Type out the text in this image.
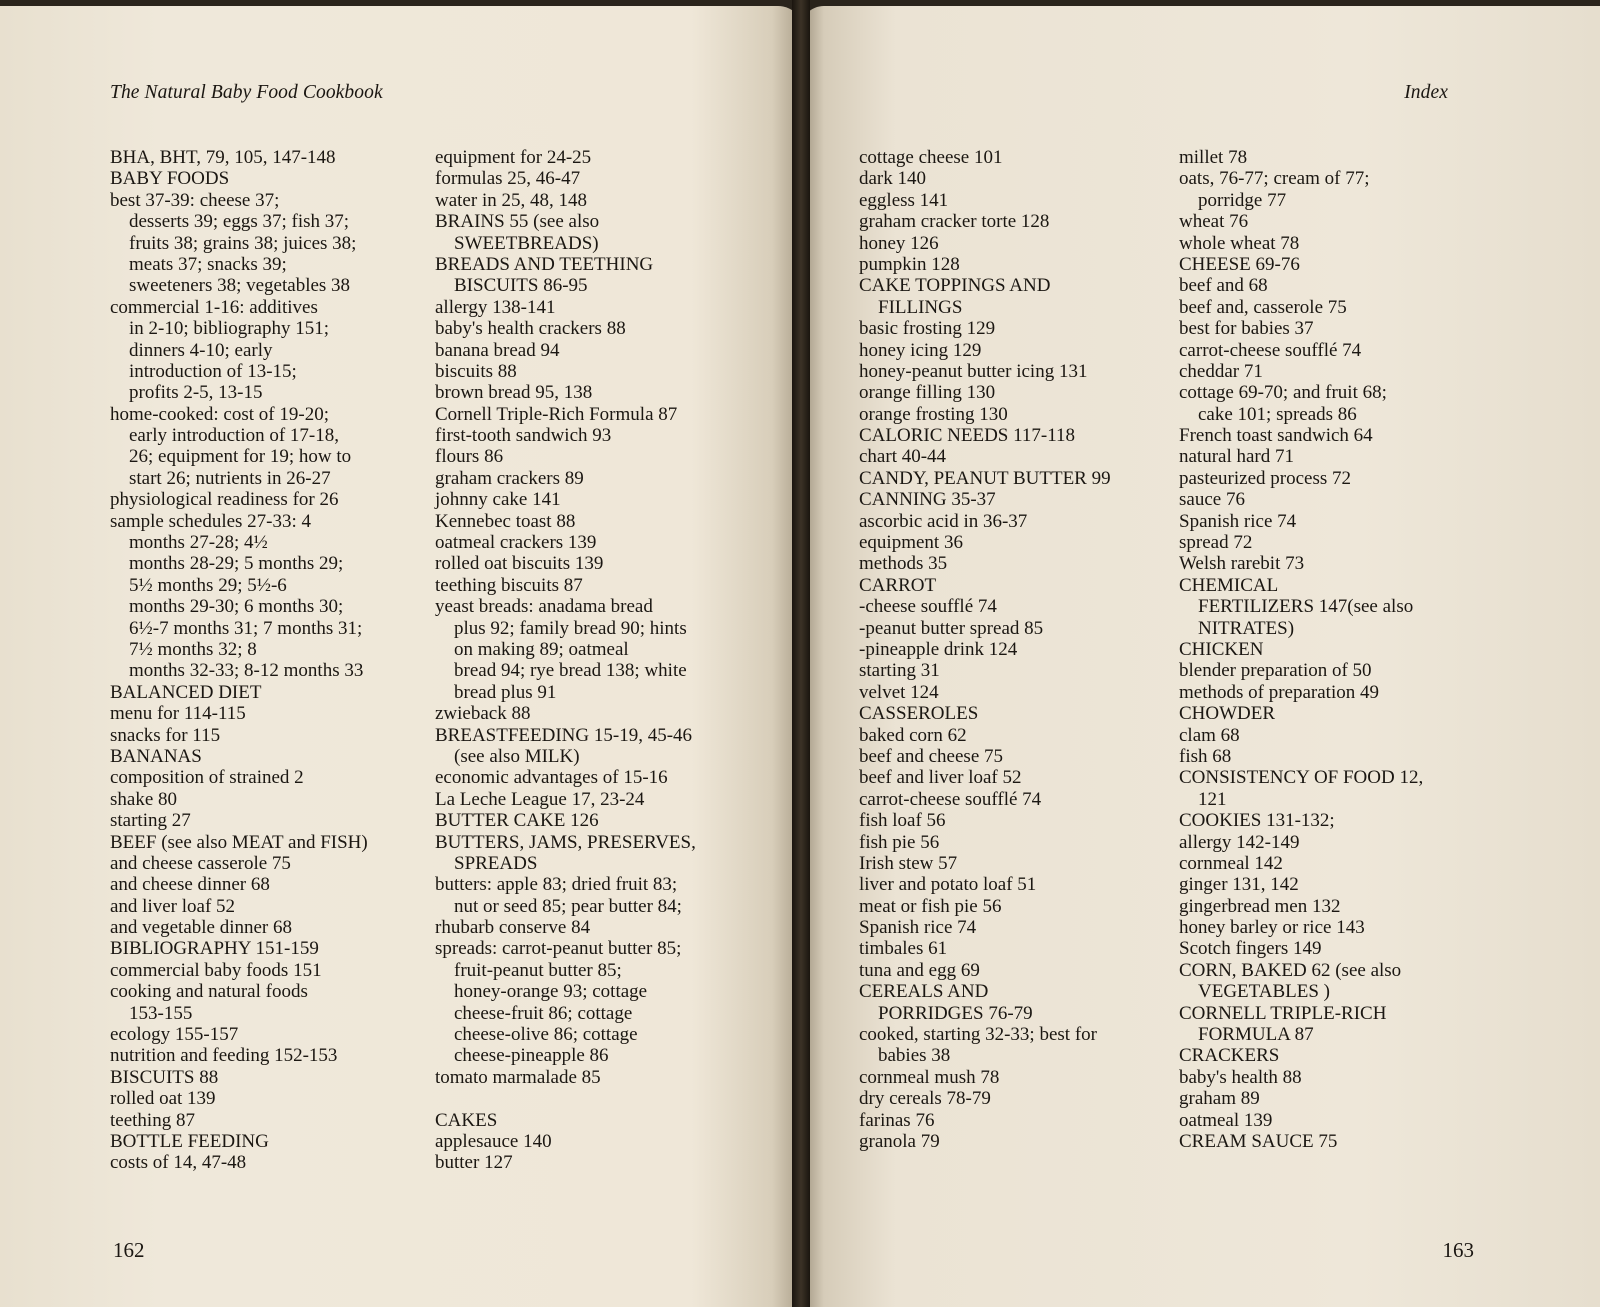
The Natural Baby Food Cookbook
BHA, BHT, 79, 105, 147-148
BABY FOODS
best 37-39: cheese 37;
desserts 39; eggs 37; fish 37;
fruits 38; grains 38; juices 38;
meats 37; snacks 39;
sweeteners 38; vegetables 38
commercial 1-16: additives
in 2-10; bibliography 151;
dinners 4-10; early
introduction of 13-15;
profits 2-5, 13-15
home-cooked: cost of 19-20;
early introduction of 17-18,
26; equipment for 19; how to
start 26; nutrients in 26-27
physiological readiness for 26
sample schedules 27-33: 4
months 27-28; 4½
months 28-29; 5 months 29;
5½ months 29; 5½-6
months 29-30; 6 months 30;
6½-7 months 31; 7 months 31;
7½ months 32; 8
months 32-33; 8-12 months 33
BALANCED DIET
menu for 114-115
snacks for 115
BANANAS
composition of strained 2
shake 80
starting 27
BEEF (see also MEAT and FISH)
and cheese casserole 75
and cheese dinner 68
and liver loaf 52
and vegetable dinner 68
BIBLIOGRAPHY 151-159
commercial baby foods 151
cooking and natural foods
153-155
ecology 155-157
nutrition and feeding 152-153
BISCUITS 88
rolled oat 139
teething 87
BOTTLE FEEDING
costs of 14, 47-48
equipment for 24-25
formulas 25, 46-47
water in 25, 48, 148
BRAINS 55 (see also
SWEETBREADS)
BREADS AND TEETHING
BISCUITS 86-95
allergy 138-141
baby's health crackers 88
banana bread 94
biscuits 88
brown bread 95, 138
Cornell Triple-Rich Formula 87
first-tooth sandwich 93
flours 86
graham crackers 89
johnny cake 141
Kennebec toast 88
oatmeal crackers 139
rolled oat biscuits 139
teething biscuits 87
yeast breads: anadama bread
plus 92; family bread 90; hints
on making 89; oatmeal
bread 94; rye bread 138; white
bread plus 91
zwieback 88
BREASTFEEDING 15-19, 45-46
(see also MILK)
economic advantages of 15-16
La Leche League 17, 23-24
BUTTER CAKE 126
BUTTERS, JAMS, PRESERVES,
SPREADS
butters: apple 83; dried fruit 83;
nut or seed 85; pear butter 84;
rhubarb conserve 84
spreads: carrot-peanut butter 85;
fruit-peanut butter 85;
honey-orange 93; cottage
cheese-fruit 86; cottage
cheese-olive 86; cottage
cheese-pineapple 86
tomato marmalade 85
CAKES
applesauce 140
butter 127
162
Index
cottage cheese 101
dark 140
eggless 141
graham cracker torte 128
honey 126
pumpkin 128
CAKE TOPPINGS AND
FILLINGS
basic frosting 129
honey icing 129
honey-peanut butter icing 131
orange filling 130
orange frosting 130
CALORIC NEEDS 117-118
chart 40-44
CANDY, PEANUT BUTTER 99
CANNING 35-37
ascorbic acid in 36-37
equipment 36
methods 35
CARROT
-cheese soufflé 74
-peanut butter spread 85
-pineapple drink 124
starting 31
velvet 124
CASSEROLES
baked corn 62
beef and cheese 75
beef and liver loaf 52
carrot-cheese soufflé 74
fish loaf 56
fish pie 56
Irish stew 57
liver and potato loaf 51
meat or fish pie 56
Spanish rice 74
timbales 61
tuna and egg 69
CEREALS AND
PORRIDGES 76-79
cooked, starting 32-33; best for
babies 38
cornmeal mush 78
dry cereals 78-79
farinas 76
granola 79
millet 78
oats, 76-77; cream of 77;
porridge 77
wheat 76
whole wheat 78
CHEESE 69-76
beef and 68
beef and, casserole 75
best for babies 37
carrot-cheese soufflé 74
cheddar 71
cottage 69-70; and fruit 68;
cake 101; spreads 86
French toast sandwich 64
natural hard 71
pasteurized process 72
sauce 76
Spanish rice 74
spread 72
Welsh rarebit 73
CHEMICAL
FERTILIZERS 147(see also
NITRATES)
CHICKEN
blender preparation of 50
methods of preparation 49
CHOWDER
clam 68
fish 68
CONSISTENCY OF FOOD 12,
121
COOKIES 131-132;
allergy 142-149
cornmeal 142
ginger 131, 142
gingerbread men 132
honey barley or rice 143
Scotch fingers 149
CORN, BAKED 62 (see also
VEGETABLES )
CORNELL TRIPLE-RICH
FORMULA 87
CRACKERS
baby's health 88
graham 89
oatmeal 139
CREAM SAUCE 75
163
